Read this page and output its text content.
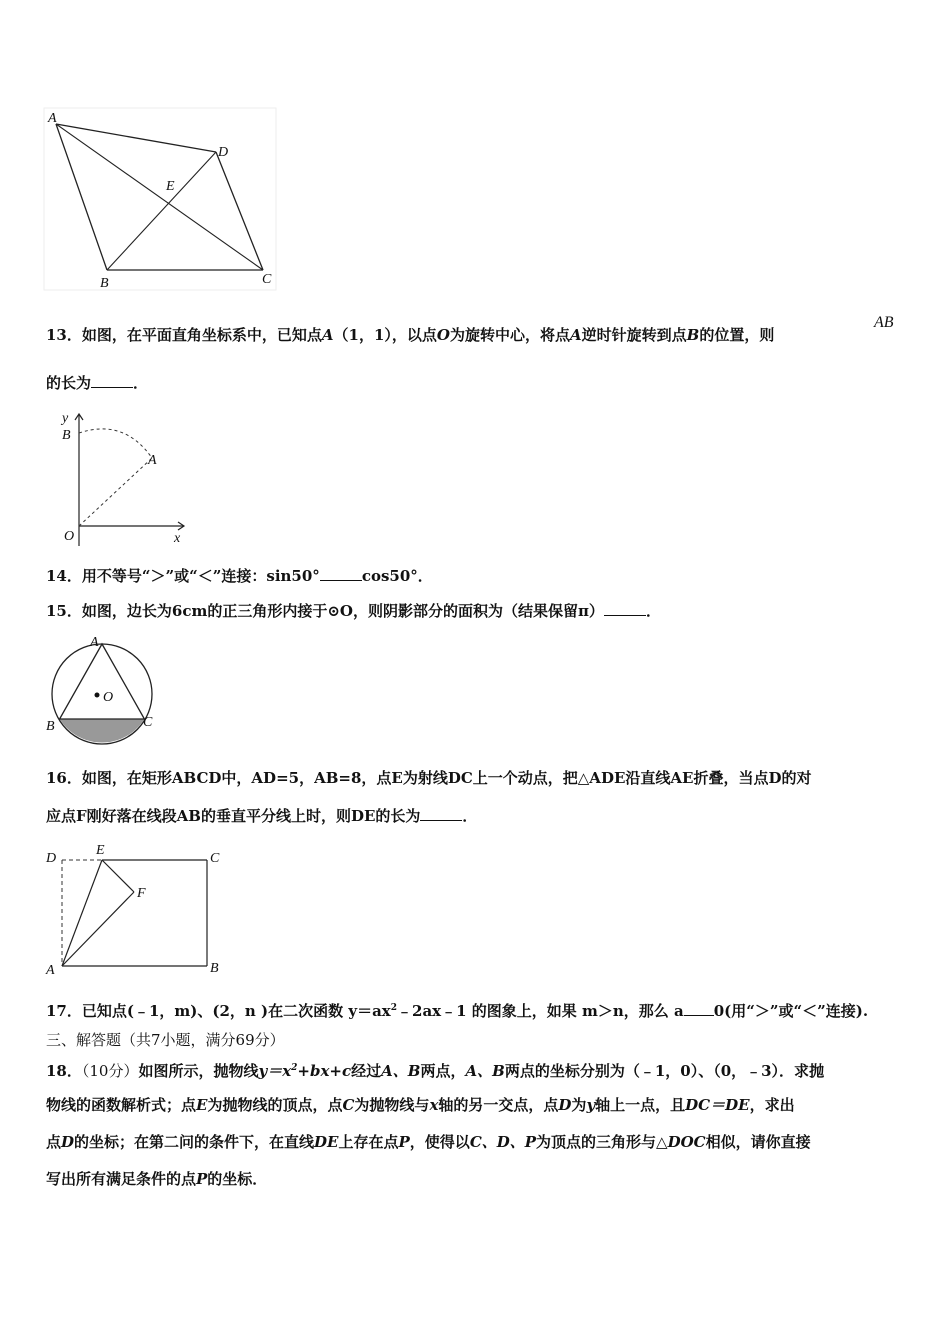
A
D
E
B	C
13．如图，在平面直角坐标系中，已知点A（1，1），以点O为旋转中心，将点A逆时针旋转到点B的位置，则
AB
的长为	．
y
B
A
O	x
14．用不等号“＞”或“＜”连接：sin50°	cos50°．
15．如图，边长为6cm的正三角形内接于⊙O，则阴影部分的面积为（结果保留π）	．
A
O
B	C
16．如图，在矩形ABCD中，AD=5，AB=8，点E为射线DC上一个动点，把△ADE沿直线AE折叠，当点D的对
应点F刚好落在线段AB的垂直平分线上时，则DE的长为	．
D
E
C
F
A	B
17．已知点(﹣1，m)、(2，n )在二次函数 $y=ax^2﹣2ax﹣1$ 的图象上，如果 m＞n，那么 a 0(用“＞”或“＜”连接).
三、解答题（共7小题，满分69分）
18．（10分）如图所示，抛物线$y=x^2+bx+c$经过A、B两点，A、B两点的坐标分别为（﹣1，0）、（0，﹣3）．求抛
物线的函数解析式；点E为抛物线的顶点，点C为抛物线与x轴的另一交点，点D为y轴上一点，且DC＝DE，求出
点D的坐标；在第二问的条件下，在直线DE上存在点P，使得以C、D、P为顶点的三角形与△DOC相似，请你直接
写出所有满足条件的点P的坐标．
